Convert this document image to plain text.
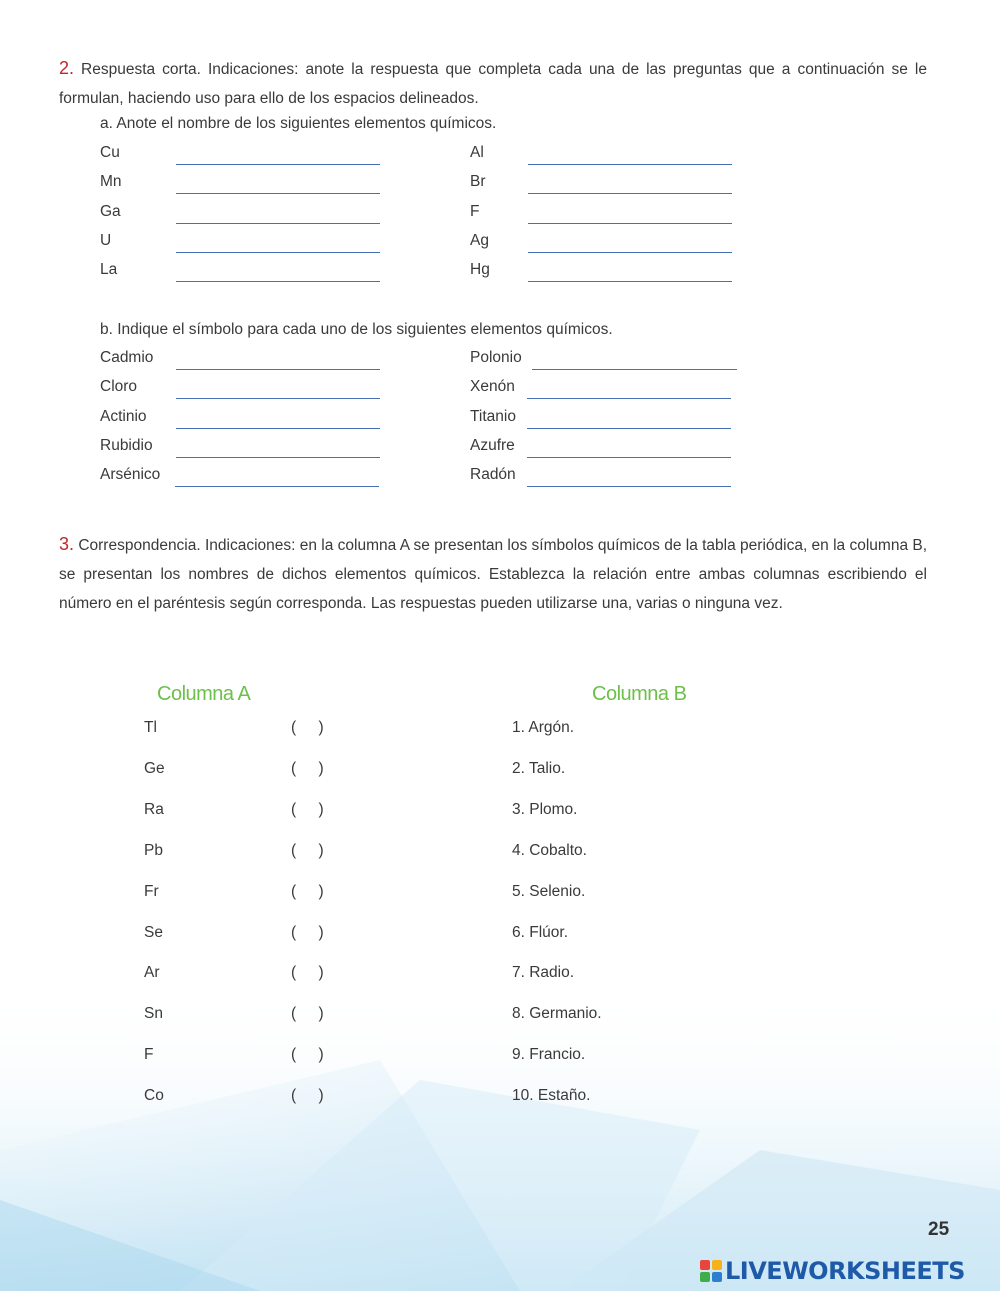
2. Respuesta corta. Indicaciones: anote la respuesta que completa cada una de las preguntas que a continuación se le formulan, haciendo uso para ello de los espacios delineados.
a. Anote el nombre de los siguientes elementos químicos.
Cu	Al
Mn	Br
Ga	F
U	Ag
La	Hg
b. Indique el símbolo para cada uno de los siguientes elementos químicos.
Cadmio	Polonio
Cloro	Xenón
Actinio	Titanio
Rubidio	Azufre
Arsénico	Radón
3. Correspondencia. Indicaciones: en la columna A se presentan los símbolos químicos de la tabla periódica, en la columna B, se presentan los nombres de dichos elementos químicos. Establezca la relación entre ambas columnas escribiendo el número en el paréntesis según corresponda. Las respuestas pueden utilizarse una, varias o ninguna vez.
Columna A	Columna B
Tl	( )	1. Argón.
Ge	( )	2. Talio.
Ra	( )	3. Plomo.
Pb	( )	4. Cobalto.
Fr	( )	5. Selenio.
Se	( )	6. Flúor.
Ar	( )	7. Radio.
Sn	( )	8. Germanio.
F	( )	9. Francio.
Co	( )	10. Estaño.
25
LIVEWORKSHEETS
